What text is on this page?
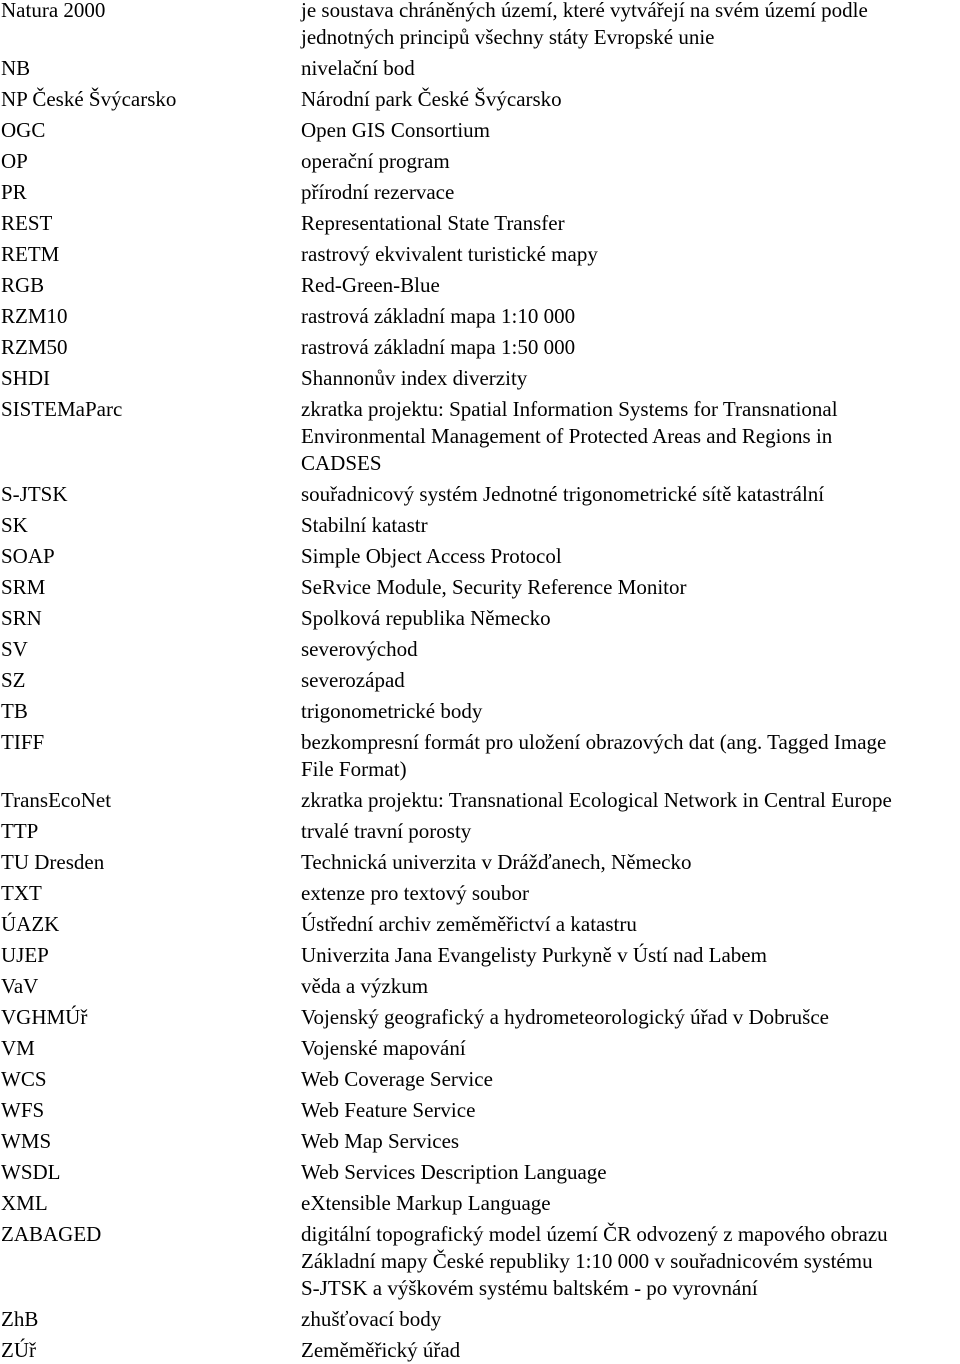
Natura 2000	je soustava chráněných území, které vytvářejí na svém území podle
jednotných principů všechny státy Evropské unie
NB	nivelační bod
NP České Švýcarsko	Národní park České Švýcarsko
OGC	Open GIS Consortium
OP	operační program
PR	přírodní rezervace
REST	Representational State Transfer
RETM	rastrový ekvivalent turistické mapy
RGB	Red-Green-Blue
RZM10	rastrová základní mapa 1:10 000
RZM50	rastrová základní mapa 1:50 000
SHDI	Shannonův index diverzity
SISTEMaParc	zkratka projektu: Spatial Information Systems for Transnational
Environmental Management of Protected Areas and Regions in
CADSES
S-JTSK	souřadnicový systém Jednotné trigonometrické sítě katastrální
SK	Stabilní katastr
SOAP	Simple Object Access Protocol
SRM	SeRvice Module, Security Reference Monitor
SRN	Spolková republika Německo
SV	severovýchod
SZ	severozápad
TB	trigonometrické body
TIFF	bezkompresní formát pro uložení obrazových dat (ang. Tagged Image
File Format)
TransEcoNet	zkratka projektu: Transnational Ecological Network in Central Europe
TTP	trvalé travní porosty
TU Dresden	Technická univerzita v Drážďanech, Německo
TXT	extenze pro textový soubor
ÚAZK	Ústřední archiv zeměměřictví a katastru
UJEP	Univerzita Jana Evangelisty Purkyně v Ústí nad Labem
VaV	věda a výzkum
VGHMÚř	Vojenský geografický a hydrometeorologický úřad v Dobrušce
VM	Vojenské mapování
WCS	Web Coverage Service
WFS	Web Feature Service
WMS	Web Map Services
WSDL	Web Services Description Language
XML	eXtensible Markup Language
ZABAGED	digitální topografický model území ČR odvozený z mapového obrazu
Základní mapy České republiky 1:10 000 v souřadnicovém systému
S-JTSK a výškovém systému baltském - po vyrovnání
ZhB	zhušťovací body
ZÚř	Zeměměřický úřad
